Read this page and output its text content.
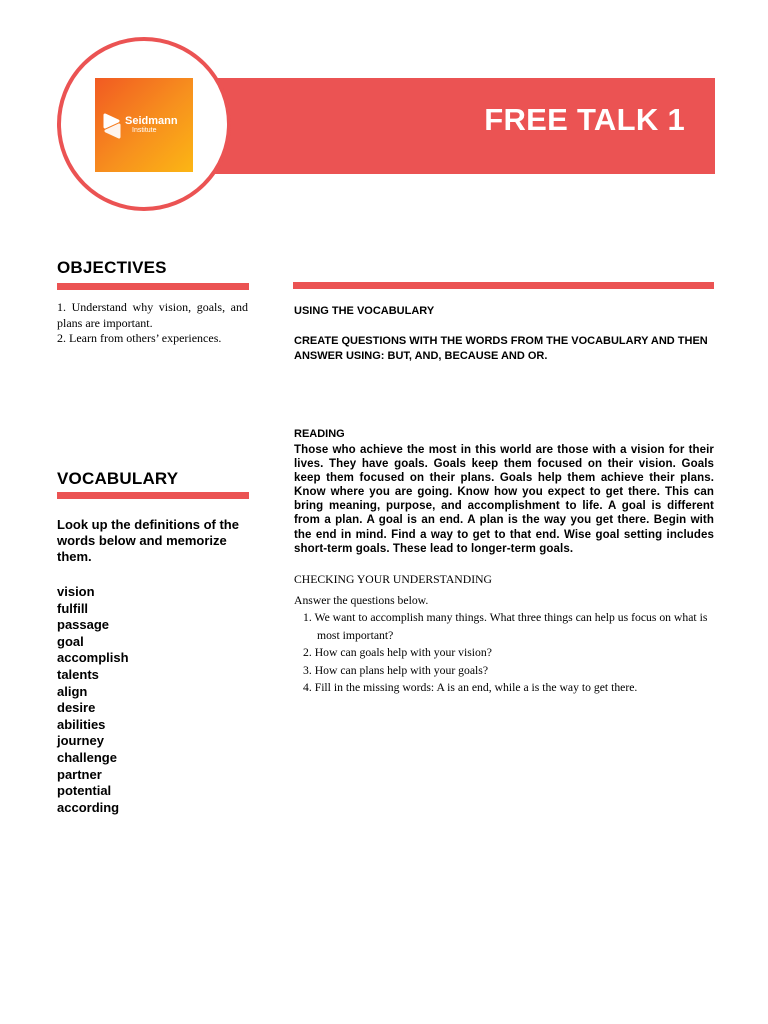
FREE TALK 1
Seidmann
Institute
OBJECTIVES

1. Understand why vision, goals, and plans are important.

2. Learn from others’ experiences.

VOCABULARY
Look up the definitions of the words below and memorize them.
vision
fulfill
passage
goal
accomplish
talents
align
desire
abilities
journey
challenge
partner
potential
according
USING THE VOCABULARY
CREATE QUESTIONS WITH THE WORDS FROM THE VOCABULARY AND THEN ANSWER USING: BUT, AND, BECAUSE AND OR.
READING
Those who achieve the most in this world are those with a vision for their lives. They have goals. Goals keep them focused on their vision. Goals keep them focused on their plans. Goals help them achieve their plans. Know where you are going. Know how you expect to get there. This can bring meaning, purpose, and accomplishment to life. A goal is different from a plan. A goal is an end. A plan is the way you get there. Begin with the end in mind. Find a way to get to that end. Wise goal setting includes short-term goals. These lead to longer-term goals.
CHECKING YOUR UNDERSTANDING
Answer the questions below.
1. We want to accomplish many things. What three things can help us focus on what is most important?
2. How can goals help with your vision?
3. How can plans help with your goals?
4. Fill in the missing words: A is an end, while a is the way to get there.
